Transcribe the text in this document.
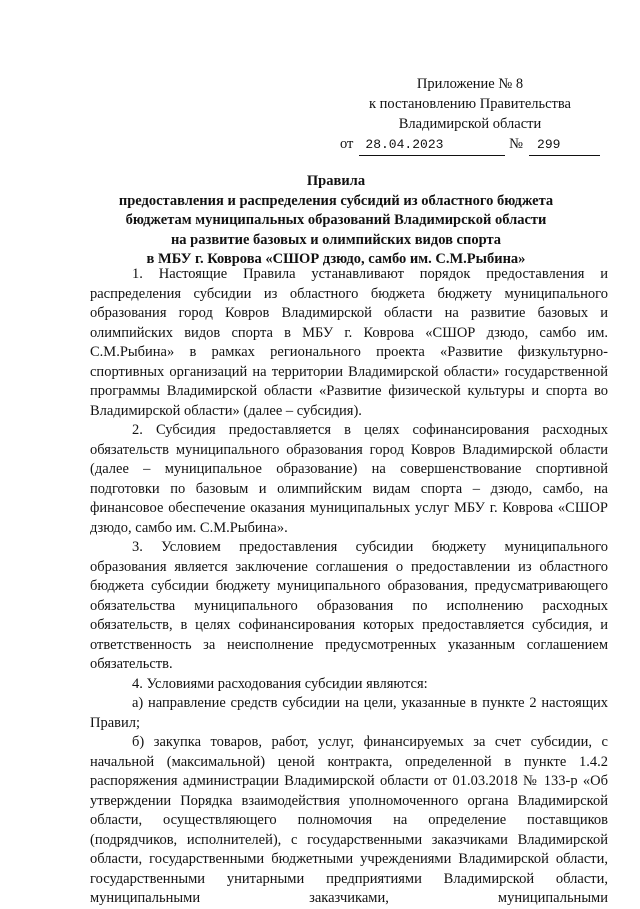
Приложение № 8
к постановлению Правительства
Владимирской области
от 28.04.2023	№	299
Правила
предоставления и распределения субсидий из областного бюджета
бюджетам муниципальных образований Владимирской области
на развитие базовых и олимпийских видов спорта
в МБУ г. Коврова «СШОР дзюдо, самбо им. С.М.Рыбина»

1. Настоящие Правила устанавливают порядок предоставления и распределения субсидии из областного бюджета бюджету муниципального образования город Ковров Владимирской области на развитие базовых и олимпийских видов спорта в МБУ г. Коврова «СШОР дзюдо, самбо им. С.М.Рыбина» в рамках регионального проекта «Развитие физкультурно-спортивных организаций на территории Владимирской области» государственной программы Владимирской области «Развитие физической культуры и спорта во Владимирской области» (далее – субсидия).

2. Субсидия предоставляется в целях софинансирования расходных обязательств муниципального образования город Ковров Владимирской области (далее – муниципальное образование) на совершенствование спортивной подготовки по базовым и олимпийским видам спорта – дзюдо, самбо, на финансовое обеспечение оказания муниципальных услуг МБУ г. Коврова «СШОР дзюдо, самбо им. С.М.Рыбина».

3. Условием предоставления субсидии бюджету муниципального образования является заключение соглашения о предоставлении из областного бюджета субсидии бюджету муниципального образования, предусматривающего обязательства муниципального образования по исполнению расходных обязательств, в целях софинансирования которых предоставляется субсидия, и ответственность за неисполнение предусмотренных указанным соглашением обязательств.

4. Условиями расходования субсидии являются:

а) направление средств субсидии на цели, указанные в пункте 2 настоящих Правил;

б) закупка товаров, работ, услуг, финансируемых за счет субсидии, с начальной (максимальной) ценой контракта, определенной в пункте 1.4.2 распоряжения администрации Владимирской области от 01.03.2018 № 133-р «Об утверждении Порядка взаимодействия уполномоченного органа Владимирской области, осуществляющего полномочия на определение поставщиков (подрядчиков, исполнителей), с государственными заказчиками Владимирской области, государственными бюджетными учреждениями Владимирской области, государственными унитарными предприятиями Владимирской области, муниципальными заказчиками, муниципальными
